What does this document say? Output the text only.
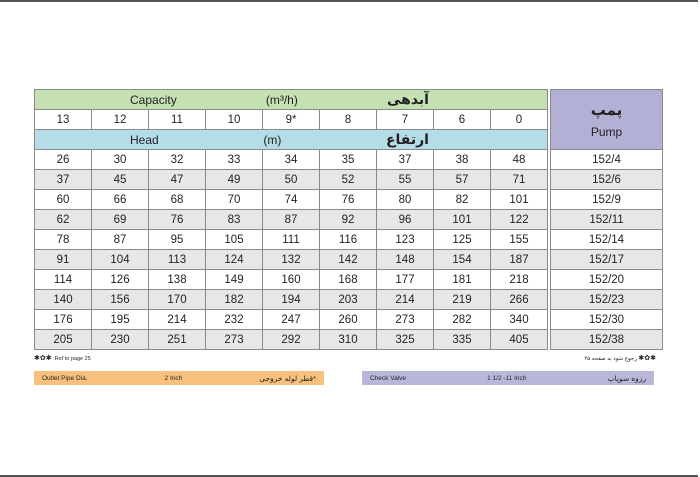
Capacity (m³/h) آبدهی										پمپ
Pump

13	12	11	10	9*	8	7	6	0		

Head (m) ارتفاع										

26	30	32	33	34	35	37	38	48		152/4
37	45	47	49	50	52	55	57	71		152/6
60	66	68	70	74	76	80	82	101		152/9
62	69	76	83	87	92	96	101	122		152/11
78	87	95	105	111	116	123	125	155		152/14
91	104	113	124	132	142	148	154	187		152/17
114	126	138	149	160	168	177	181	218		152/20
140	156	170	182	194	203	214	219	266		152/23
176	195	214	232	247	260	273	282	340		152/30
205	230	251	273	292	310	325	335	405		152/38
✱✿✱ :Ref to page 25	رجوع شود به صفحه ۲۵ ✱✿✱
Outlet Pipe Dia.	2 Inch	قطر لوله خروجی*	Check Valve	1 1/2 -11 Inch	رزوه سوپاپ
